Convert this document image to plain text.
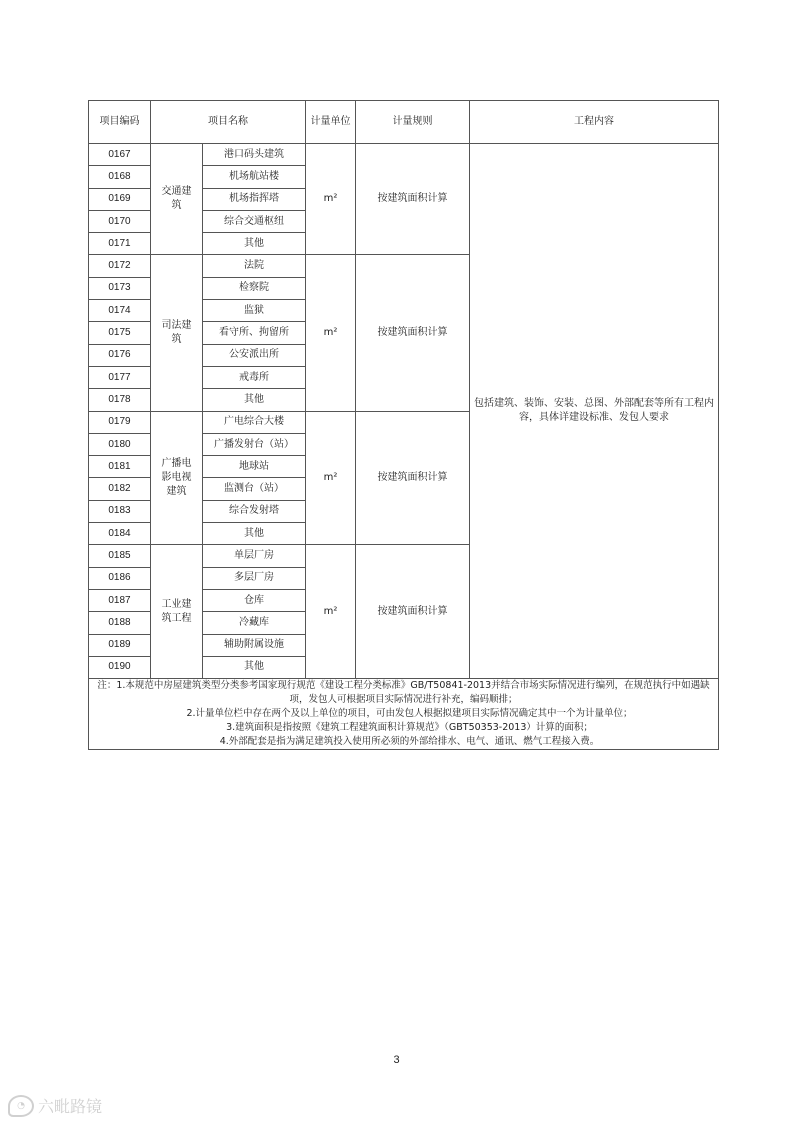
项目编码	项目名称		计量单位	计量规则	工程内容
0167	交通建筑	港口码头建筑	m²	按建筑面积计算	包括建筑、装饰、安装、总图、外部配套等所有工程内容，具体详建设标准、发包人要求
0168		机场航站楼			
0169		机场指挥塔			
0170		综合交通枢纽			
0171		其他			
0172	司法建筑	法院	m²	按建筑面积计算	
0173		检察院			
0174		监狱			
0175		看守所、拘留所			
0176		公安派出所			
0177		戒毒所			
0178		其他			
0179	广播电影电视建筑	广电综合大楼	m²	按建筑面积计算	
0180		广播发射台（站）			
0181		地球站			
0182		监测台（站）			
0183		综合发射塔			
0184		其他			
0185	工业建筑工程	单层厂房	m²	按建筑面积计算	
0186		多层厂房			
0187		仓库			
0188		冷藏库			
0189		辅助附属设施			
0190		其他			

注：1.本规范中房屋建筑类型分类参考国家现行规范《建设工程分类标准》GB/T50841-2013并结合市场实际情况进行编列，在规范执行中如遇缺项，发包人可根据项目实际情况进行补充，编码顺排；
2.计量单位栏中存在两个及以上单位的项目，可由发包人根据拟建项目实际情况确定其中一个为计量单位；
3.建筑面积是指按照《建筑工程建筑面积计算规范》（GBT50353-2013）计算的面积；
4.外部配套是指为满足建筑投入使用所必须的外部给排水、电气、通讯、燃气工程接入费。					
3
◔ 六毗路镜
